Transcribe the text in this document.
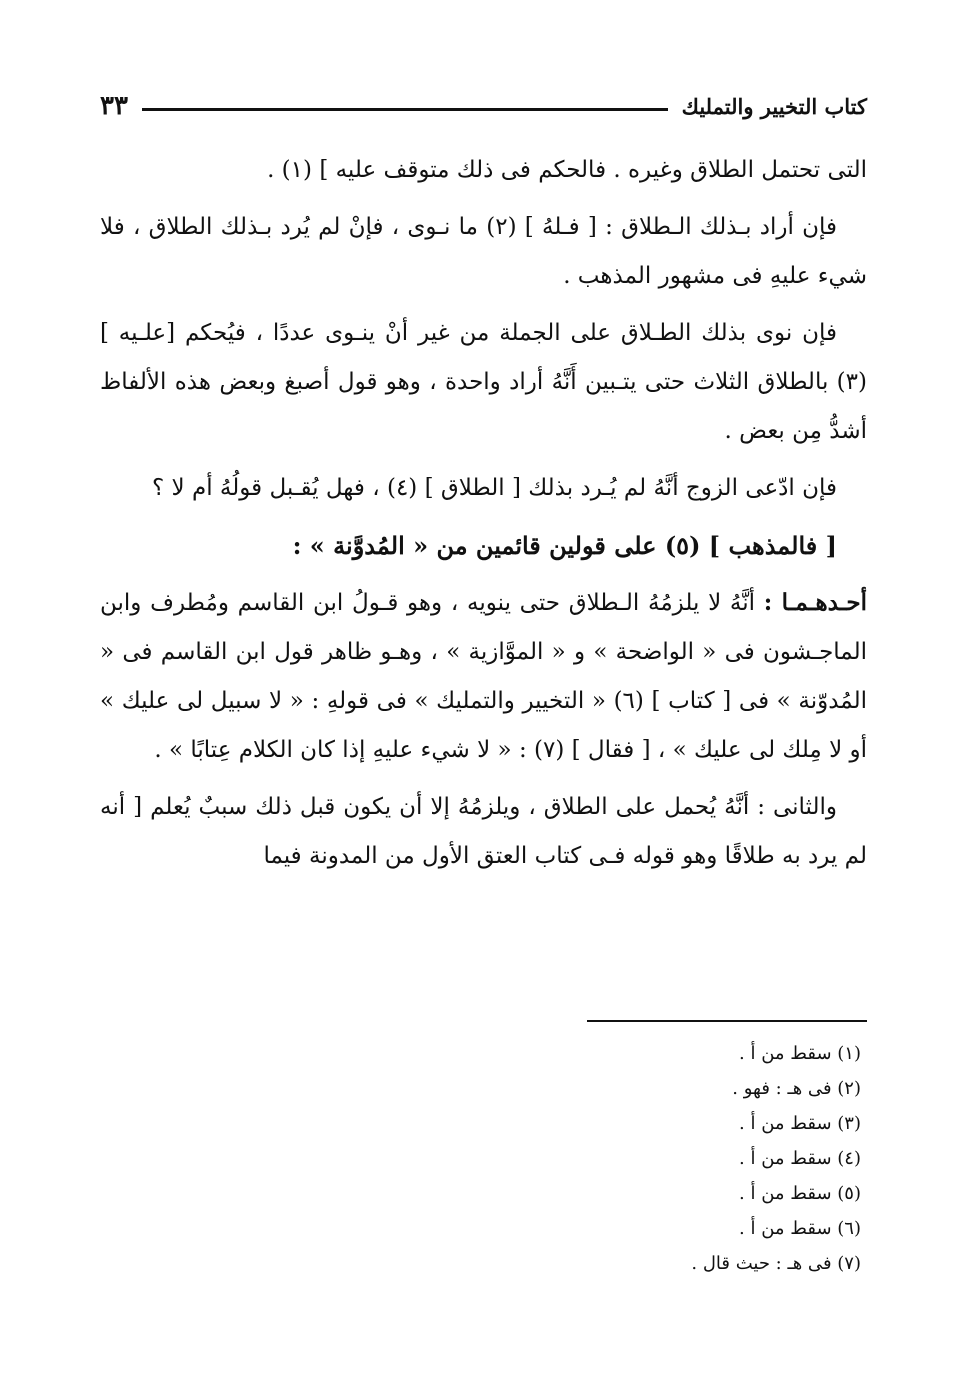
كتاب التخيير والتمليك
٣٣

التى تحتمل الطلاق وغيره . فالحكم فى ذلك متوقف عليه ] (١) .

فإن أراد بـذلك الـطلاق : [ فـلهُ ] (٢) ما نـوى ، فإنْ لم يُرد بـذلك الطلاق ، فلا شيء عليهِ فى مشهور المذهب .

فإن نوى بذلك الطـلاق على الجملة من غير أنْ ينـوى عددًا ، فيُحكم [علـيه ] (٣) بالطلاق الثلاث حتى يتـبين أَنَّهُ أراد واحدة ، وهو قول أصبغ وبعض هذه الألفاظ أشدُّ مِن بعض .

فإن ادّعى الزوج أنَّهُ لم يُـرد بذلك [ الطلاق ] (٤) ، فهل يُقـبل قولُهُ أم لا ؟

[ فالمذهب ] (٥) على قولين قائمين من « المُدوَّنة » :

أحـدهـمـا : أنَّهُ لا يلزمُهُ الـطلاق حتى ينويه ، وهو قـولُ ابن القاسم ومُطرف وابن الماجـشون فى « الواضحة » و « الموَّازية » ، وهـو ظاهر قول ابن القاسم فى « المُدوّنة » فى [ كتاب ] (٦) « التخيير والتمليك » فى قولهِ : « لا سبيل لى عليك » أو لا مِلك لى عليك » ، [ فقال ] (٧) : « لا شيء عليهِ إذا كان الكلام عِتابًا » .

والثانى : أنَّهُ يُحمل على الطلاق ، ويلزمُهُ إلا أن يكون قبل ذلك سببٌ يُعلم [ أنه لم يرد به طلاقًا وهو قوله فـى كتاب العتق الأول من المدونة فيما

(١) سقط من أ .
(٢) فى هـ : فهو .
(٣) سقط من أ .
(٤) سقط من أ .
(٥) سقط من أ .
(٦) سقط من أ .
(٧) فى هـ : حيث قال .
